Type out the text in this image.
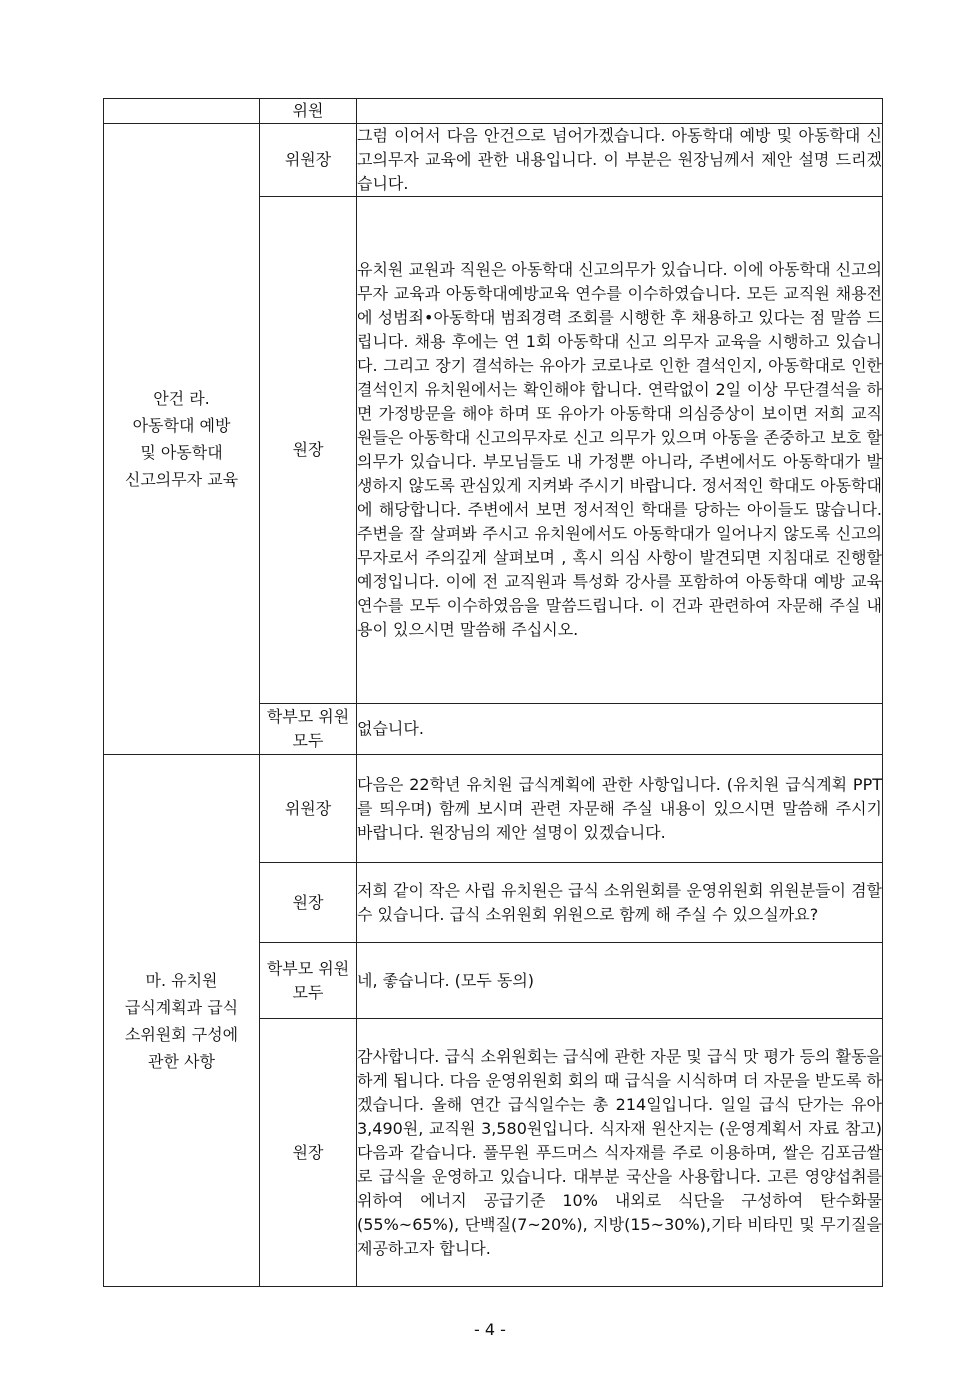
	위원	

안건 라.
아동학대 예방
및 아동학대
신고의무자 교육	위원장	그럼 이어서 다음 안건으로 넘어가겠습니다. 아동학대 예방 및 아동학대 신고의무자 교육에 관한 내용입니다. 이 부분은 원장님께서 제안 설명 드리겠습니다.

	원장	유치원 교원과 직원은 아동학대 신고의무가 있습니다. 이에 아동학대 신고의무자 교육과 아동학대예방교육 연수를 이수하였습니다. 모든 교직원 채용전에 성범죄•아동학대 범죄경력 조회를 시행한 후 채용하고 있다는 점 말씀 드립니다. 채용 후에는 연 1회 아동학대 신고 의무자 교육을 시행하고 있습니다. 그리고 장기 결석하는 유아가 코로나로 인한 결석인지, 아동학대로 인한 결석인지 유치원에서는 확인해야 합니다. 연락없이 2일 이상 무단결석을 하면 가정방문을 해야 하며 또 유아가 아동학대 의심증상이 보이면 저희 교직원들은 아동학대 신고의무자로 신고 의무가 있으며 아동을 존중하고 보호 할 의무가 있습니다. 부모님들도 내 가정뿐 아니라, 주변에서도 아동학대가 발생하지 않도록 관심있게 지켜봐 주시기 바랍니다. 정서적인 학대도 아동학대에 해당합니다. 주변에서 보면 정서적인 학대를 당하는 아이들도 많습니다.주변을 잘 살펴봐 주시고 유치원에서도 아동학대가 일어나지 않도록 신고의무자로서 주의깊게 살펴보며 , 혹시 의심 사항이 발견되면 지침대로 진행할 예정입니다. 이에 전 교직원과 특성화 강사를 포함하여 아동학대 예방 교육 연수를 모두 이수하였음을 말씀드립니다. 이 건과 관련하여 자문해 주실 내용이 있으시면 말씀해 주십시오.

	학부모 위원 모두	없습니다.

마. 유치원
급식계획과 급식
소위원회 구성에
관한 사항	위원장	다음은 22학년 유치원 급식계획에 관한 사항입니다. (유치원 급식계획 PPT를 띄우며) 함께 보시며 관련 자문해 주실 내용이 있으시면 말씀해 주시기 바랍니다. 원장님의 제안 설명이 있겠습니다.

	원장	저희 같이 작은 사립 유치원은 급식 소위원회를 운영위원회 위원분들이 겸할 수 있습니다. 급식 소위원회 위원으로 함께 해 주실 수 있으실까요?

	학부모 위원 모두	네, 좋습니다. (모두 동의)

	원장	감사합니다. 급식 소위원회는 급식에 관한 자문 및 급식 맛 평가 등의 활동을 하게 됩니다. 다음 운영위원회 회의 때 급식을 시식하며 더 자문을 받도록 하겠습니다. 올해 연간 급식일수는 총 214일입니다. 일일 급식 단가는 유아 3,490원, 교직원 3,580원입니다. 식자재 원산지는 (운영계획서 자료 참고)다음과 같습니다. 풀무원 푸드머스 식자재를 주로 이용하며, 쌀은 김포금쌀로 급식을 운영하고 있습니다. 대부분 국산을 사용합니다. 고른 영양섭취를 위하여 에너지 공급기준 10% 내외로 식단을 구성하여 탄수화물(55%~65%), 단백질(7~20%), 지방(15~30%),기타 비타민 및 무기질을 제공하고자 합니다.

- 4 -
